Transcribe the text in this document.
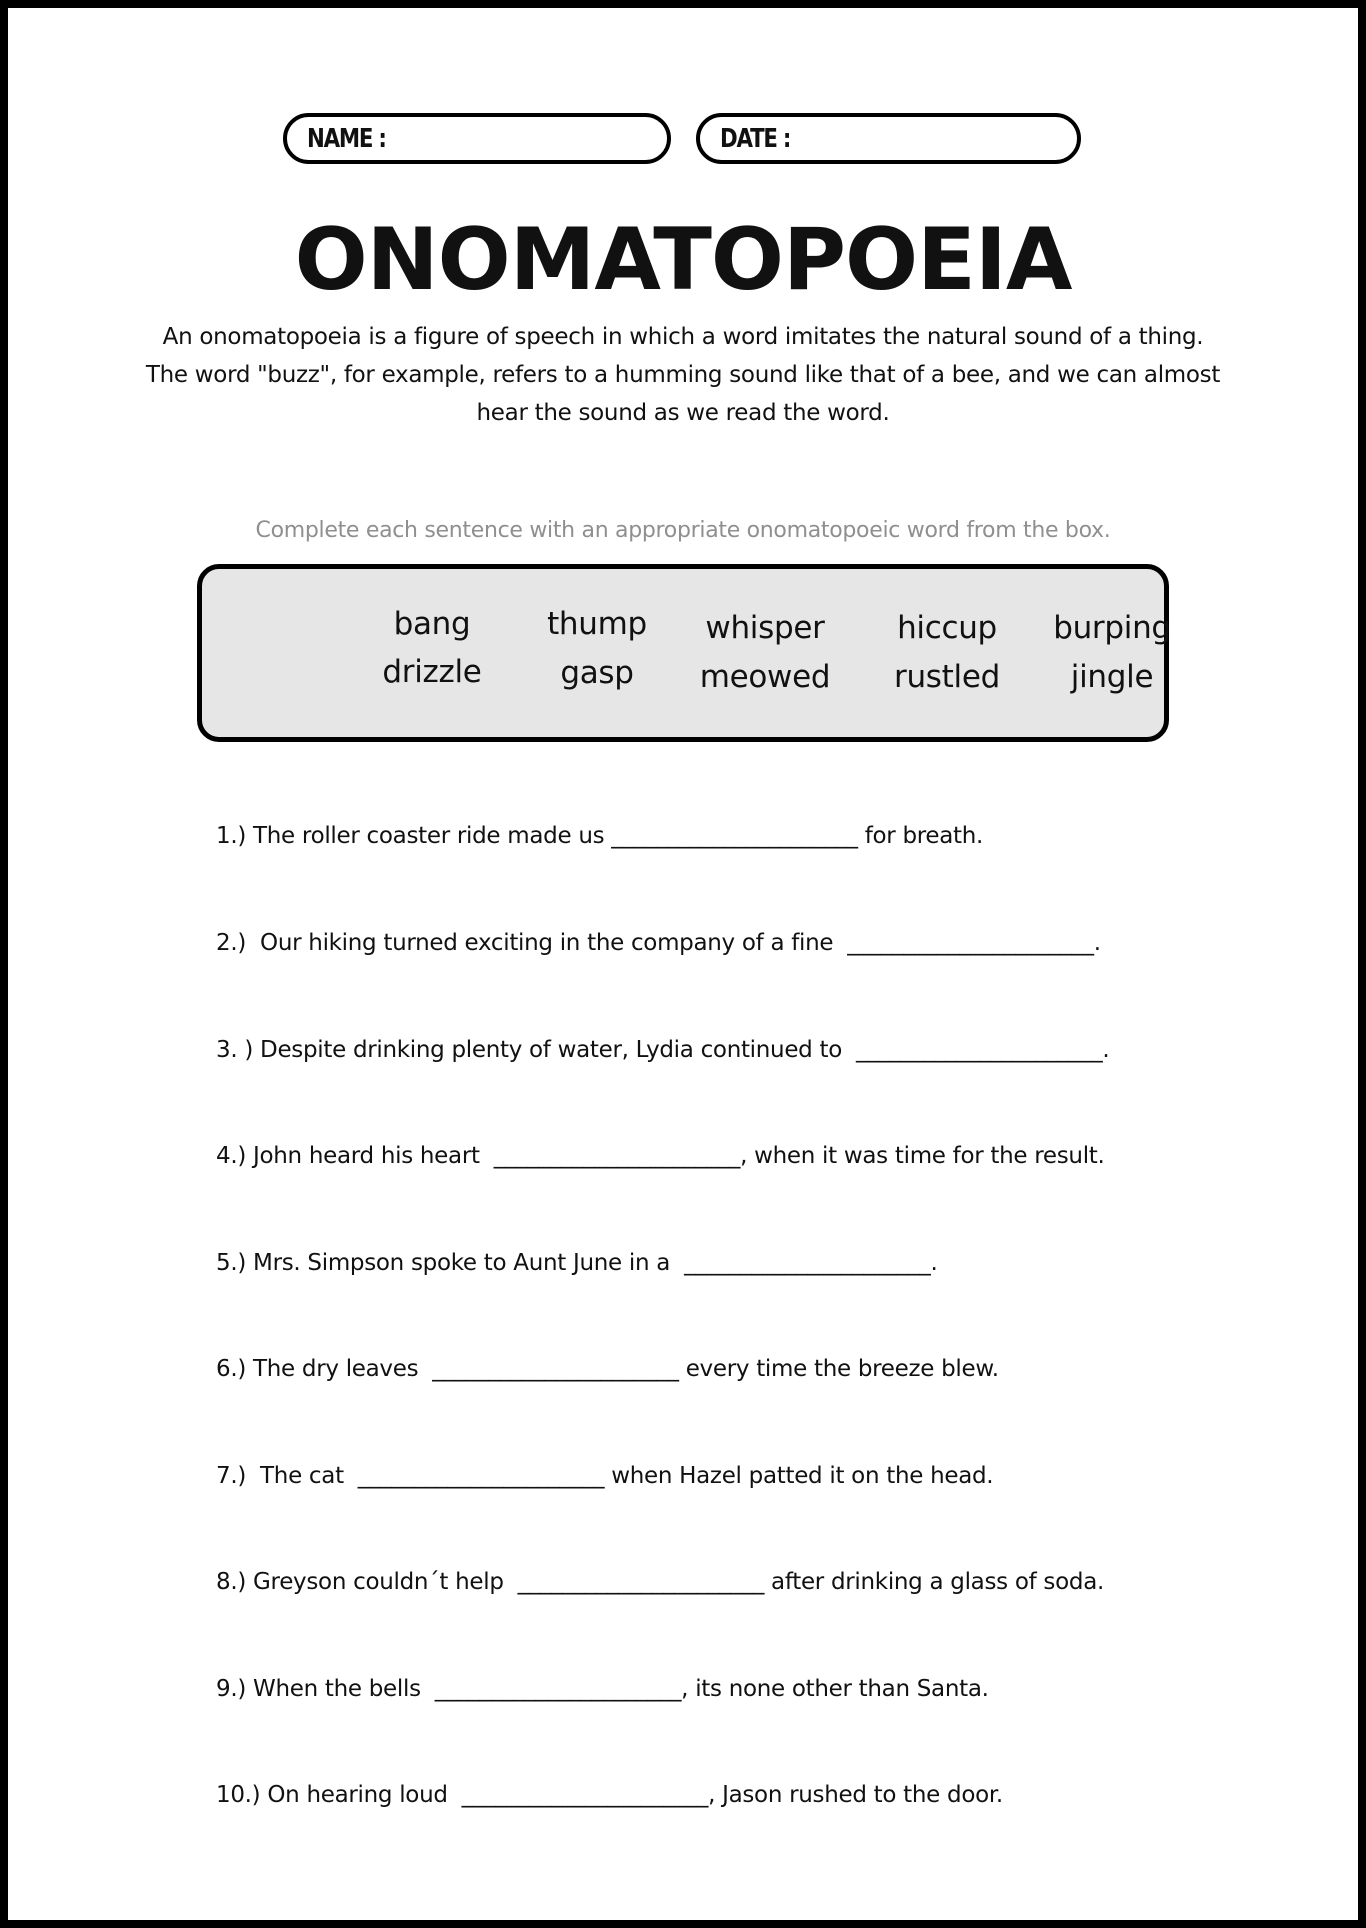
NAME :	DATE :
ONOMATOPOEIA
An onomatopoeia is a figure of speech in which a word imitates the natural sound of a thing.
The word "buzz", for example, refers to a humming sound like that of a bee, and we can almost
hear the sound as we read the word.
Complete each sentence with an appropriate onomatopoeic word from the box.
bang
drizzle
thump
gasp
whisper
meowed
hiccup
rustled
burping
jingle
1.) The roller coaster ride made us ______________________ for breath.
2.)  Our hiking turned exciting in the company of a fine  ______________________.
3. ) Despite drinking plenty of water, Lydia continued to  ______________________.
4.) John heard his heart  ______________________, when it was time for the result.
5.) Mrs. Simpson spoke to Aunt June in a  ______________________.
6.) The dry leaves  ______________________ every time the breeze blew.
7.)  The cat  ______________________ when Hazel patted it on the head.
8.) Greyson couldn´t help  ______________________ after drinking a glass of soda.
9.) When the bells  ______________________, its none other than Santa.
10.) On hearing loud  ______________________, Jason rushed to the door.
